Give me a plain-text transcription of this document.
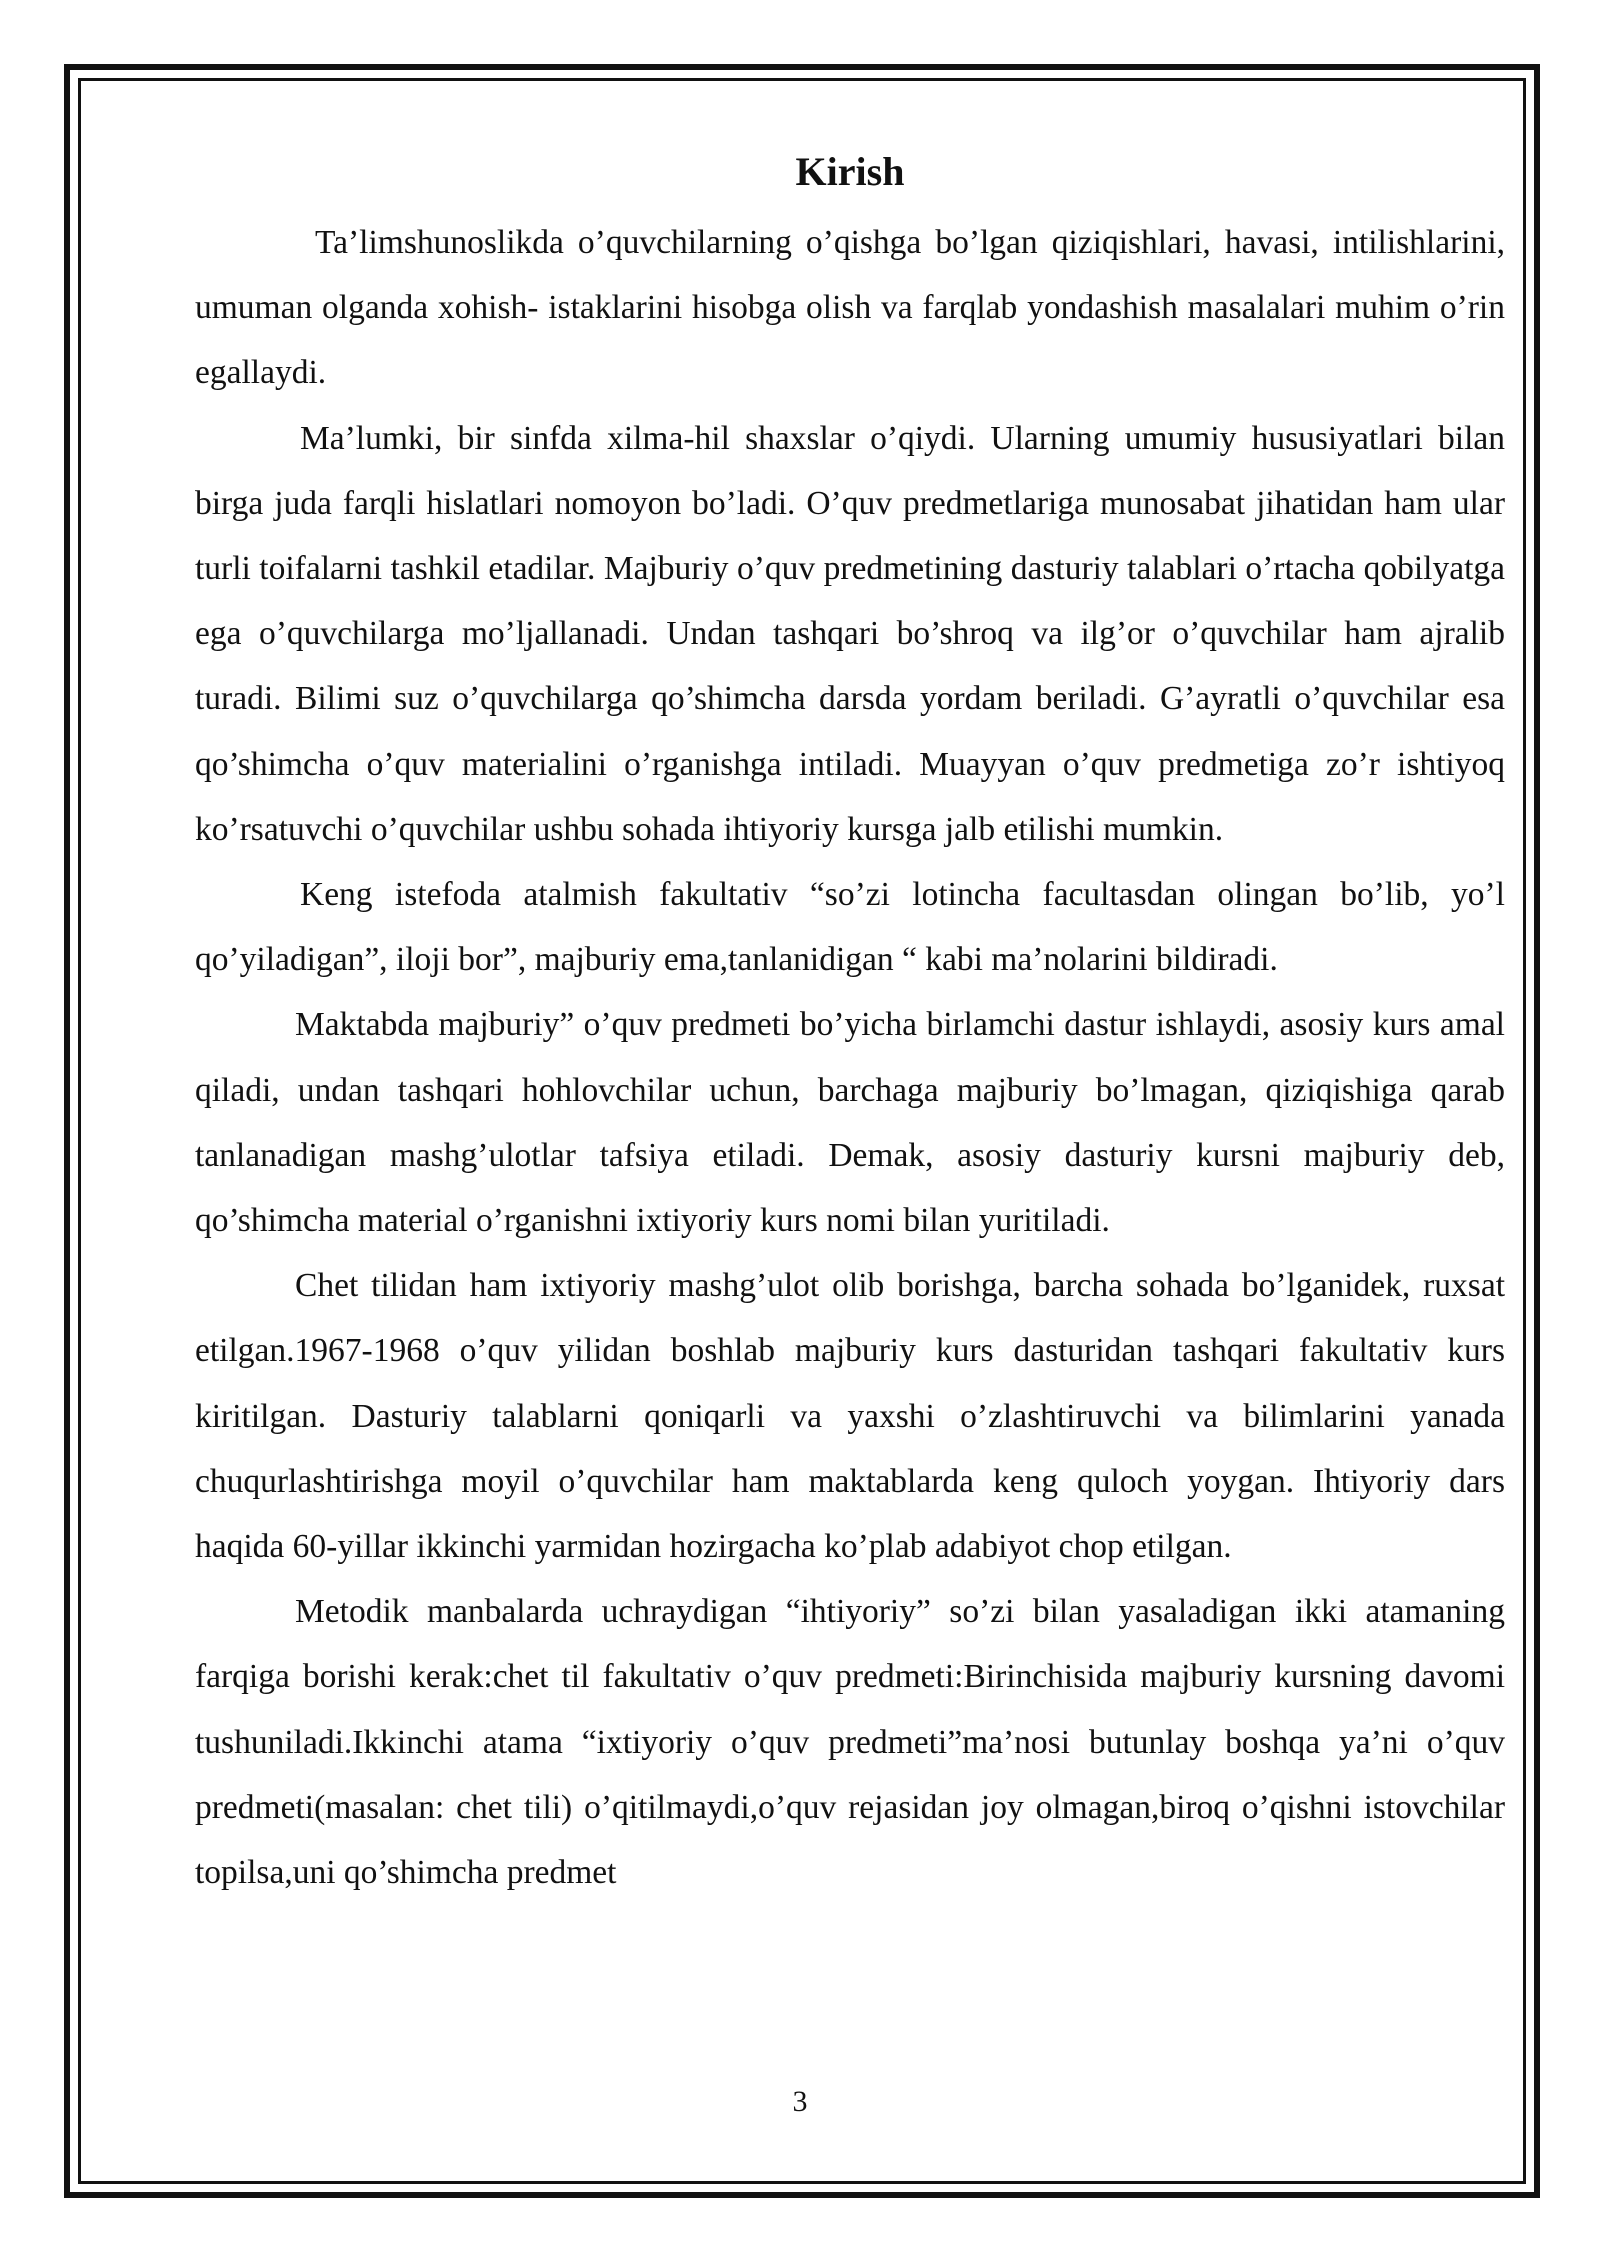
Kirish

Ta’limshunoslikda o’quvchilarning o’qishga bo’lgan qiziqishlari, havasi, intilishlarini, umuman olganda xohish- istaklarini hisobga olish va farqlab yondashish masalalari muhim o’rin egallaydi.

Ma’lumki, bir sinfda xilma-hil shaxslar o’qiydi. Ularning umumiy hususiyatlari bilan birga juda farqli hislatlari nomoyon bo’ladi. O’quv predmetlariga munosabat jihatidan ham ular turli toifalarni tashkil etadilar. Majburiy o’quv predmetining dasturiy talablari o’rtacha qobilyatga ega o’quvchilarga mo’ljallanadi. Undan tashqari bo’shroq va ilg’or o’quvchilar ham ajralib turadi. Bilimi suz o’quvchilarga qo’shimcha darsda yordam beriladi. G’ayratli o’quvchilar esa qo’shimcha o’quv materialini o’rganishga intiladi. Muayyan o’quv predmetiga zo’r ishtiyoq ko’rsatuvchi o’quvchilar ushbu sohada ihtiyoriy kursga jalb etilishi mumkin.

Keng istefoda atalmish fakultativ “so’zi lotincha facultasdan olingan bo’lib, yo’l qo’yiladigan”, iloji bor”, majburiy ema,tanlanidigan “ kabi ma’nolarini bildiradi.

Maktabda majburiy” o’quv predmeti bo’yicha birlamchi dastur ishlaydi, asosiy kurs amal qiladi, undan tashqari hohlovchilar uchun, barchaga majburiy bo’lmagan, qiziqishiga qarab tanlanadigan mashg’ulotlar tafsiya etiladi. Demak, asosiy dasturiy kursni majburiy deb, qo’shimcha material o’rganishni ixtiyoriy kurs nomi bilan yuritiladi.

Chet tilidan ham ixtiyoriy mashg’ulot olib borishga, barcha sohada bo’lganidek, ruxsat etilgan.1967-1968 o’quv yilidan boshlab majburiy kurs dasturidan tashqari fakultativ kurs kiritilgan. Dasturiy talablarni qoniqarli va yaxshi o’zlashtiruvchi va bilimlarini yanada chuqurlashtirishga moyil o’quvchilar ham maktablarda keng quloch yoygan. Ihtiyoriy dars haqida 60-yillar ikkinchi yarmidan hozirgacha ko’plab adabiyot chop etilgan.

Metodik manbalarda uchraydigan “ihtiyoriy” so’zi bilan yasaladigan ikki atamaning farqiga borishi kerak:chet til fakultativ o’quv predmeti:Birinchisida majburiy kursning davomi tushuniladi.Ikkinchi atama “ixtiyoriy o’quv predmeti”ma’nosi butunlay boshqa ya’ni o’quv predmeti(masalan: chet tili) o’qitilmaydi,o’quv rejasidan joy olmagan,biroq o’qishni istovchilar topilsa,uni qo’shimcha predmet

3
